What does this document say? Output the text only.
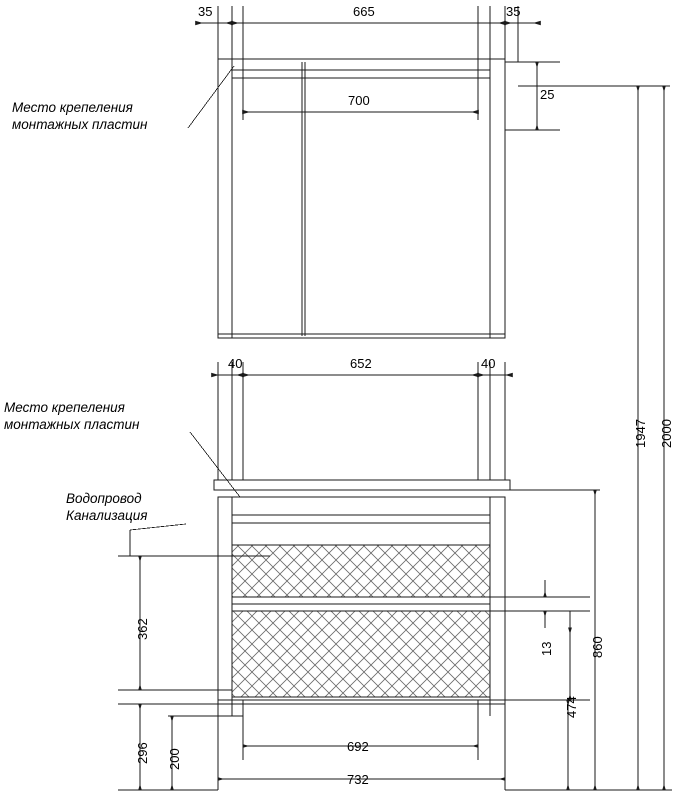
Место крепеления
монтажных пластин
Место крепеления
монтажных пластин
Водопровод
Канализация
35	665	35
700	25
40	652	40
362
296 200
692
732
13
474
860
1947 2000
